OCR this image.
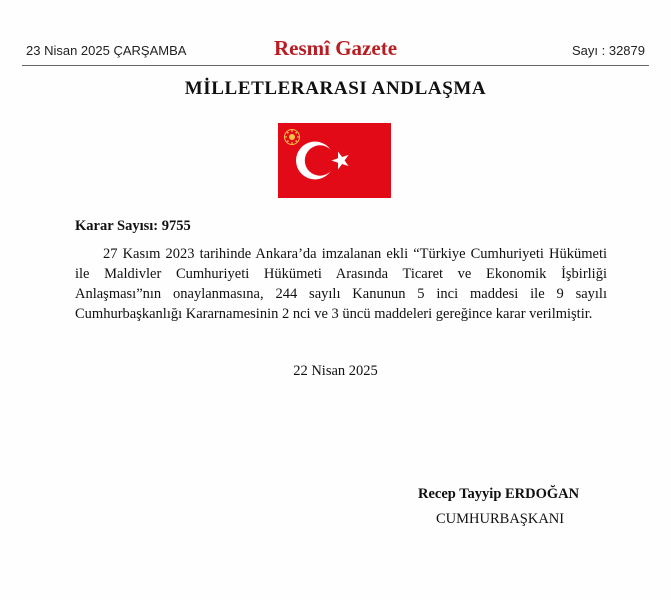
23 Nisan 2025 ÇARŞAMBA	Resmî Gazete	Sayı : 32879
MİLLETLERARASI ANDLAŞMA
Karar Sayısı: 9755
27 Kasım 2023 tarihinde Ankara’da imzalanan ekli “Türkiye Cumhuriyeti Hükümeti ile Maldivler Cumhuriyeti Hükümeti Arasında Ticaret ve Ekonomik İşbirliği Anlaşması”nın onaylanmasına, 244 sayılı Kanunun 5 inci maddesi ile 9 sayılı Cumhurbaşkanlığı Kararnamesinin 2 nci ve 3 üncü maddeleri gereğince karar verilmiştir.
22 Nisan 2025
Recep Tayyip ERDOĞAN
CUMHURBAŞKANI
